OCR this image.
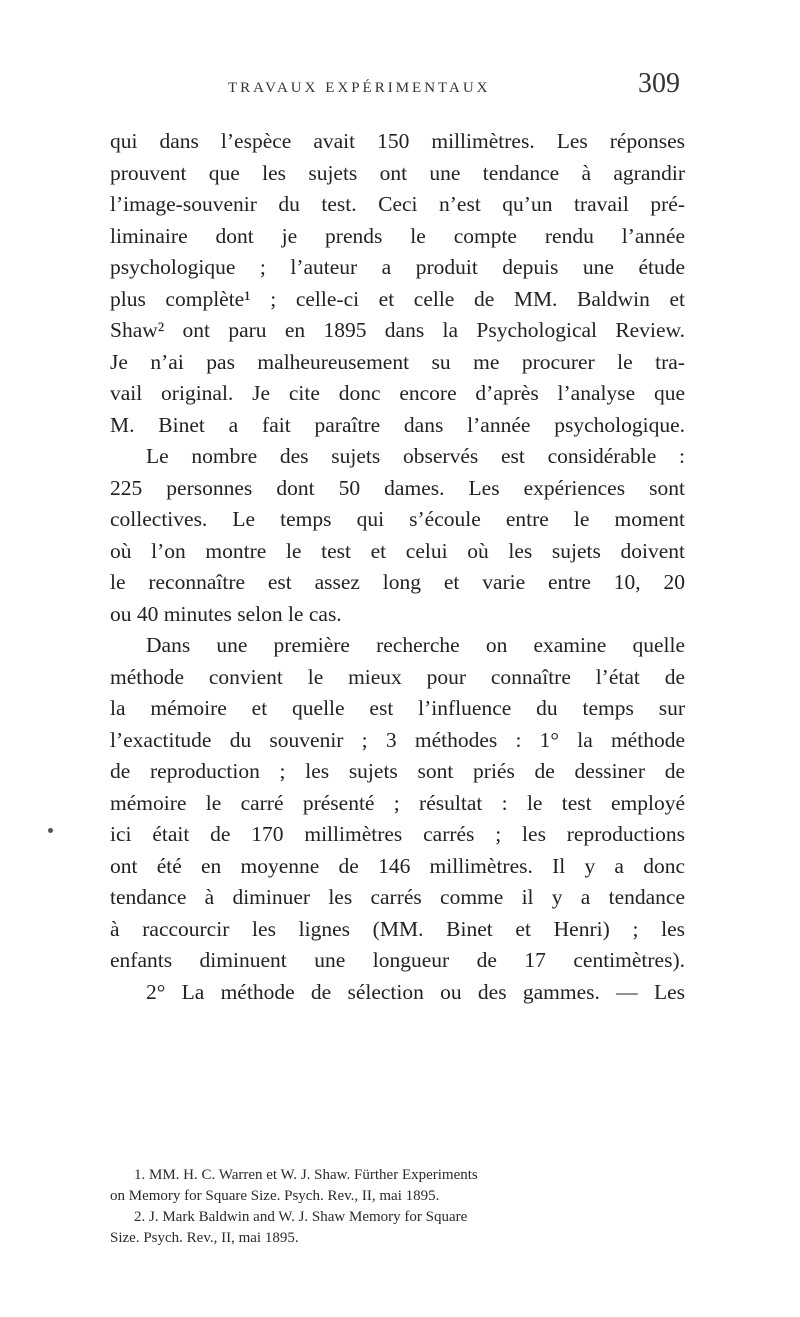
TRAVAUX EXPÉRIMENTAUX	309
qui dans l’espèce avait 150 millimètres. Les réponses
prouvent que les sujets ont une tendance à agrandir
l’image-souvenir du test. Ceci n’est qu’un travail pré-
liminaire dont je prends le compte rendu l’année
psychologique ; l’auteur a produit depuis une étude
plus complète¹ ; celle-ci et celle de MM. Baldwin et
Shaw² ont paru en 1895 dans la Psychological Review.
Je n’ai pas malheureusement su me procurer le tra-
vail original. Je cite donc encore d’après l’analyse que
M. Binet a fait paraître dans l’année psychologique.
Le nombre des sujets observés est considérable :
225 personnes dont 50 dames. Les expériences sont
collectives. Le temps qui s’écoule entre le moment
où l’on montre le test et celui où les sujets doivent
le reconnaître est assez long et varie entre 10, 20
ou 40 minutes selon le cas.
Dans une première recherche on examine quelle
méthode convient le mieux pour connaître l’état de
la mémoire et quelle est l’influence du temps sur
l’exactitude du souvenir ; 3 méthodes : 1° la méthode
de reproduction ; les sujets sont priés de dessiner de
mémoire le carré présenté ; résultat : le test employé
ici était de 170 millimètres carrés ; les reproductions
ont été en moyenne de 146 millimètres. Il y a donc
tendance à diminuer les carrés comme il y a tendance
à raccourcir les lignes (MM. Binet et Henri) ; les
enfants diminuent une longueur de 17 centimètres).
2° La méthode de sélection ou des gammes. — Les
1. MM. H. C. Warren et W. J. Shaw. Fürther Experiments
on Memory for Square Size. Psych. Rev., II, mai 1895.
2. J. Mark Baldwin and W. J. Shaw Memory for Square
Size. Psych. Rev., II, mai 1895.
